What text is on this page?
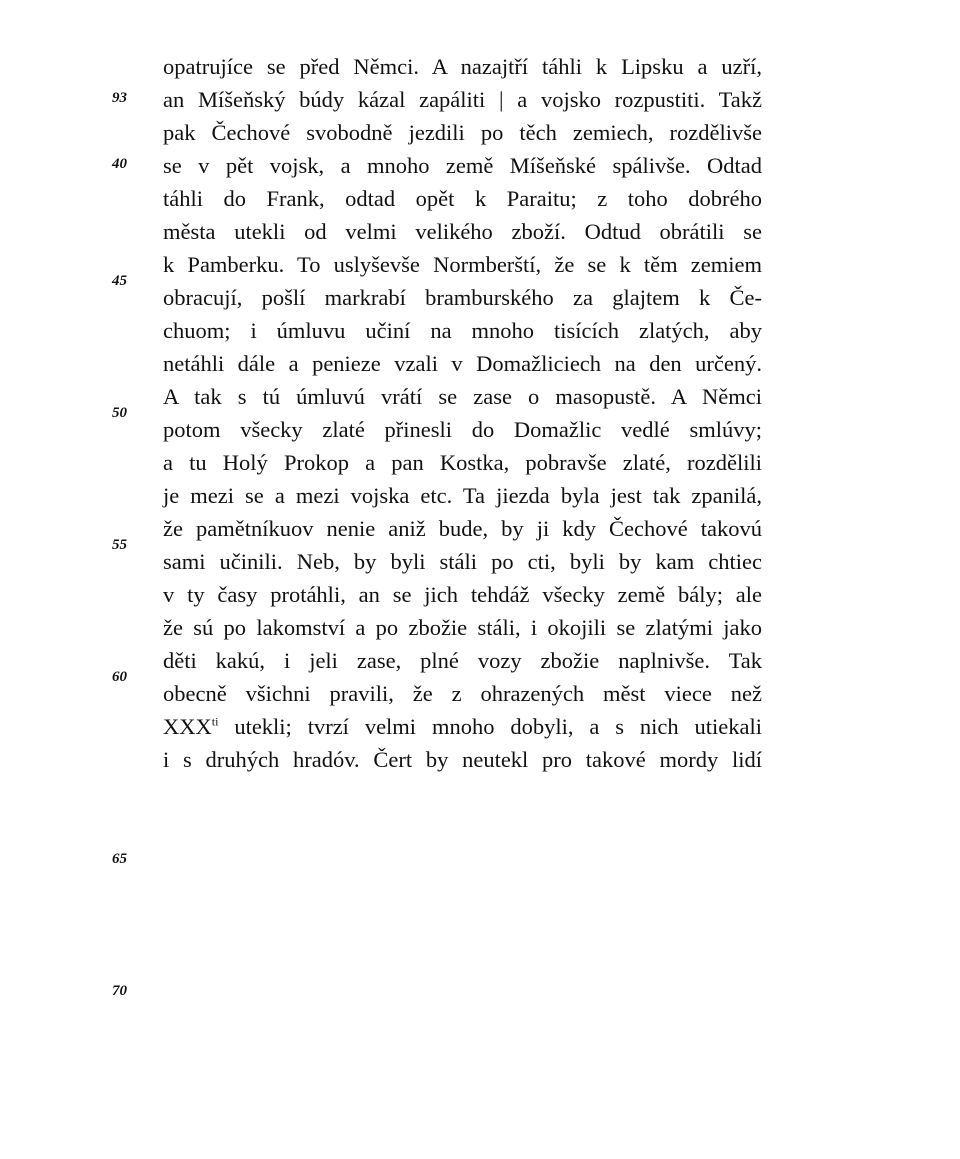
93
40
45
50
55
60
65
70
opatrujíce se před Němci. A nazajtří táhli k Lipsku a uzří,
an Míšeňský búdy kázal zapáliti | a vojsko rozpustiti. Takž
pak Čechové svobodně jezdili po těch zemiech, rozdělivše
se v pět vojsk, a mnoho země Míšeňské spálivše. Odtad
táhli do Frank, odtad opět k Paraitu; z toho dobrého
města utekli od velmi velikého zboží. Odtud obrátili se
k Pamberku. To uslyševše Normberští, že se k těm zemiem
obracují, pošlí markrabí bramburského za glajtem k Če-
chuom; i úmluvu učiní na mnoho tisících zlatých, aby
netáhli dále a penieze vzali v Domažliciech na den určený.
A tak s tú úmluvú vrátí se zase o masopustě. A Němci
potom všecky zlaté přinesli do Domažlic vedlé smlúvy;
a tu Holý Prokop a pan Kostka, pobravše zlaté, rozdělili
je mezi se a mezi vojska etc. Ta jiezda byla jest tak zpanilá,
že pamětníkuov nenie aniž bude, by ji kdy Čechové takovú
sami učinili. Neb, by byli stáli po cti, byli by kam chtiec
v ty časy protáhli, an se jich tehdáž všecky země bály; ale
že sú po lakomství a po zbožie stáli, i okojili se zlatými jako
děti kakú, i jeli zase, plné vozy zbožie naplnivše. Tak
obecně všichni pravili, že z ohrazených měst viece než
$XXX^{ti}$ utekli; tvrzí velmi mnoho dobyli, a s nich utiekali
i s druhých hradóv. Čert by neutekl pro takové mordy lidí
